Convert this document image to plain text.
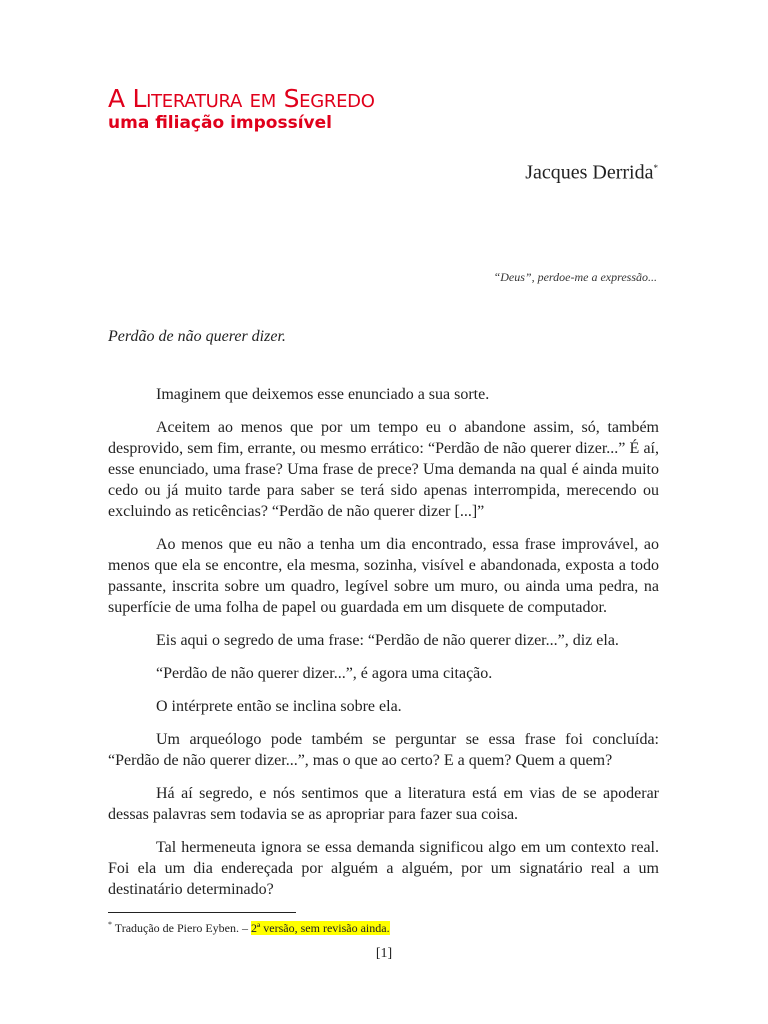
A Literatura em Segredo
uma filiação impossível
Jacques Derrida*
“Deus”, perdoe-me a expressão...
Perdão de não querer dizer.

Imaginem que deixemos esse enunciado a sua sorte.

Aceitem ao menos que por um tempo eu o abandone assim, só, também desprovido, sem fim, errante, ou mesmo errático: “Perdão de não querer dizer...” É aí, esse enunciado, uma frase? Uma frase de prece? Uma demanda na qual é ainda muito cedo ou já muito tarde para saber se terá sido apenas interrompida, merecendo ou excluindo as reticências? “Perdão de não querer dizer [...]”

Ao menos que eu não a tenha um dia encontrado, essa frase improvável, ao menos que ela se encontre, ela mesma, sozinha, visível e abandonada, exposta a todo passante, inscrita sobre um quadro, legível sobre um muro, ou ainda uma pedra, na superfície de uma folha de papel ou guardada em um disquete de computador.

Eis aqui o segredo de uma frase: “Perdão de não querer dizer...”, diz ela.

“Perdão de não querer dizer...”, é agora uma citação.

O intérprete então se inclina sobre ela.

Um arqueólogo pode também se perguntar se essa frase foi concluída: “Perdão de não querer dizer...”, mas o que ao certo? E a quem? Quem a quem?

Há aí segredo, e nós sentimos que a literatura está em vias de se apoderar dessas palavras sem todavia se as apropriar para fazer sua coisa.

Tal hermeneuta ignora se essa demanda significou algo em um contexto real. Foi ela um dia endereçada por alguém a alguém, por um signatário real a um destinatário determinado?

* Tradução de Piero Eyben. – 2ª versão, sem revisão ainda.
[1]
